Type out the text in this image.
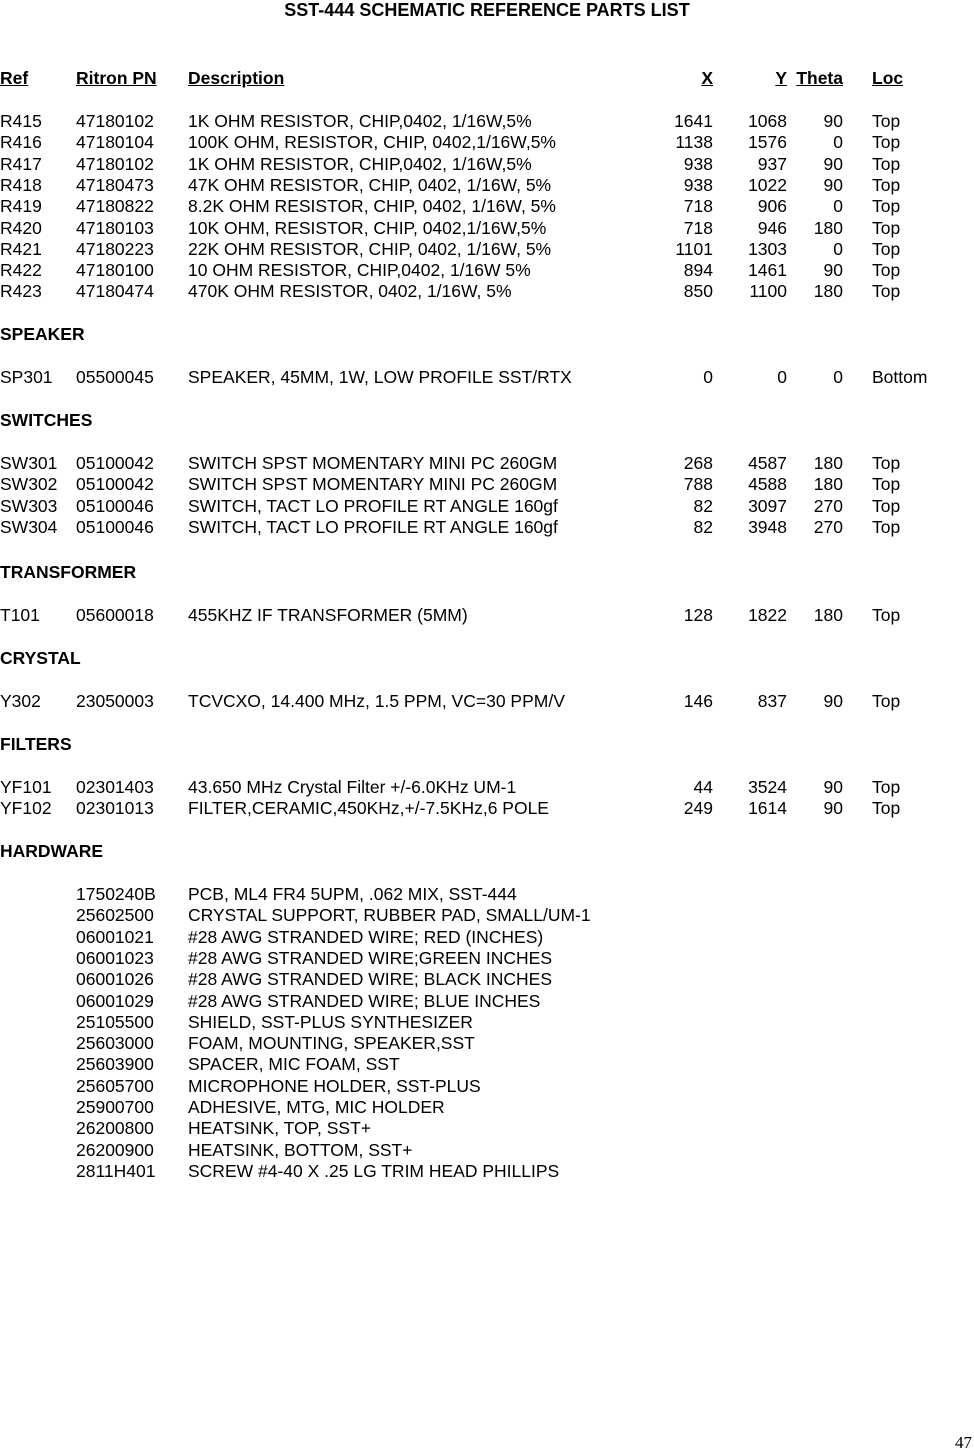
SST-444 SCHEMATIC REFERENCE PARTS LIST
Ref	Ritron PN Description	X	Y Theta Loc
R415 47180102 1K OHM RESISTOR, CHIP,0402, 1/16W,5%	1641 1068 90 Top
R416 47180104 100K OHM, RESISTOR, CHIP, 0402,1/16W,5%	1138 1576	0 Top
R417 47180102 1K OHM RESISTOR, CHIP,0402, 1/16W,5%	938	937 90 Top
R418 47180473 47K OHM RESISTOR, CHIP, 0402, 1/16W, 5%	938 1022 90 Top
R419 47180822 8.2K OHM RESISTOR, CHIP, 0402, 1/16W, 5%	718	906	0 Top
R420 47180103 10K OHM, RESISTOR, CHIP, 0402,1/16W,5%	718	946 180 Top
R421 47180223 22K OHM RESISTOR, CHIP, 0402, 1/16W, 5%	1101 1303	0 Top
R422 47180100 10 OHM RESISTOR, CHIP,0402, 1/16W 5%	894 1461 90 Top
R423 47180474 470K OHM RESISTOR, 0402, 1/16W, 5%	850 1100 180 Top
SPEAKER
SP301 05500045 SPEAKER, 45MM, 1W, LOW PROFILE SST/RTX	0	0	0 Bottom
SWITCHES
SW301 05100042 SWITCH SPST MOMENTARY MINI PC 260GM	268 4587 180 Top
SW302 05100042 SWITCH SPST MOMENTARY MINI PC 260GM	788 4588 180 Top
SW303 05100046 SWITCH, TACT LO PROFILE RT ANGLE 160gf	82 3097 270 Top
SW304 05100046 SWITCH, TACT LO PROFILE RT ANGLE 160gf	82 3948 270 Top
TRANSFORMER
T101 05600018 455KHZ IF TRANSFORMER (5MM)	128 1822 180 Top
CRYSTAL
Y302 23050003 TCVCXO, 14.400 MHz, 1.5 PPM, VC=30 PPM/V	146	837 90 Top
FILTERS
YF101 02301403 43.650 MHz Crystal Filter +/-6.0KHz UM-1	44 3524 90 Top
YF102 02301013 FILTER,CERAMIC,450KHz,+/-7.5KHz,6 POLE	249 1614 90 Top
HARDWARE
1750240B PCB, ML4 FR4 5UPM, .062 MIX, SST-444
25602500 CRYSTAL SUPPORT, RUBBER PAD, SMALL/UM-1
06001021 #28 AWG STRANDED WIRE; RED (INCHES)
06001023 #28 AWG STRANDED WIRE;GREEN INCHES
06001026 #28 AWG STRANDED WIRE; BLACK INCHES
06001029 #28 AWG STRANDED WIRE; BLUE INCHES
25105500 SHIELD, SST-PLUS SYNTHESIZER
25603000 FOAM, MOUNTING, SPEAKER,SST
25603900 SPACER, MIC FOAM, SST
25605700 MICROPHONE HOLDER, SST-PLUS
25900700 ADHESIVE, MTG, MIC HOLDER
26200800 HEATSINK, TOP, SST+
26200900 HEATSINK, BOTTOM, SST+
2811H401 SCREW #4-40 X .25 LG TRIM HEAD PHILLIPS
47
